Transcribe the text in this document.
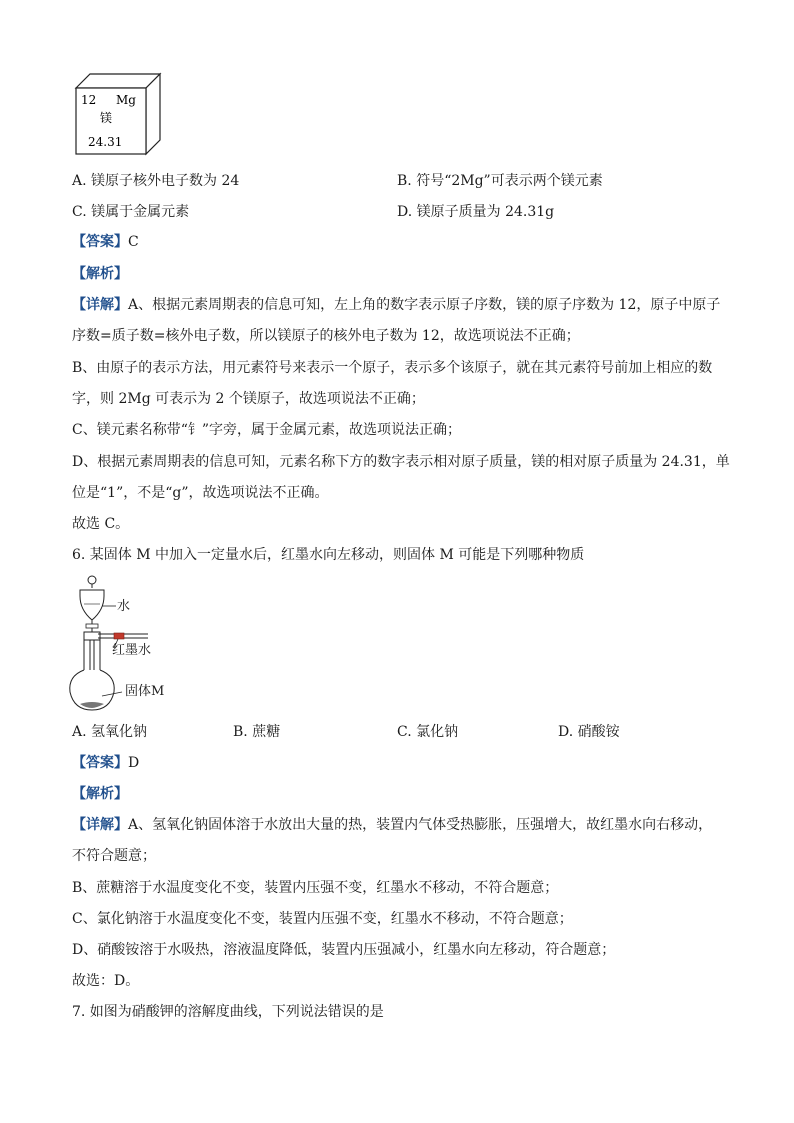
12 Mg
镁
24.31
A. 镁原子核外电子数为 24	B. 符号“2Mg”可表示两个镁元素
C. 镁属于金属元素	D. 镁原子质量为 24.31g
【答案】C
【解析】
【详解】A、根据元素周期表的信息可知，左上角的数字表示原子序数，镁的原子序数为 12，原子中原子
序数=质子数=核外电子数，所以镁原子的核外电子数为 12，故选项说法不正确；
B、由原子的表示方法，用元素符号来表示一个原子，表示多个该原子，就在其元素符号前加上相应的数
字，则 2Mg 可表示为 2 个镁原子，故选项说法不正确；
C、镁元素名称带“钅”字旁，属于金属元素，故选项说法正确；
D、根据元素周期表的信息可知，元素名称下方的数字表示相对原子质量，镁的相对原子质量为 24.31，单
位是“1”，不是“g”，故选项说法不正确。
故选 C。
6. 某固体 M 中加入一定量水后，红墨水向左移动，则固体 M 可能是下列哪种物质
水
红墨水
固体M
A. 氢氧化钠	B. 蔗糖	C. 氯化钠	D. 硝酸铵
【答案】D
【解析】
【详解】A、氢氧化钠固体溶于水放出大量的热，装置内气体受热膨胀，压强增大，故红墨水向右移动，
不符合题意；
B、蔗糖溶于水温度变化不变，装置内压强不变，红墨水不移动，不符合题意；
C、氯化钠溶于水温度变化不变，装置内压强不变，红墨水不移动，不符合题意；
D、硝酸铵溶于水吸热，溶液温度降低，装置内压强减小，红墨水向左移动，符合题意；
故选：D。
7. 如图为硝酸钾的溶解度曲线，下列说法错误的是
